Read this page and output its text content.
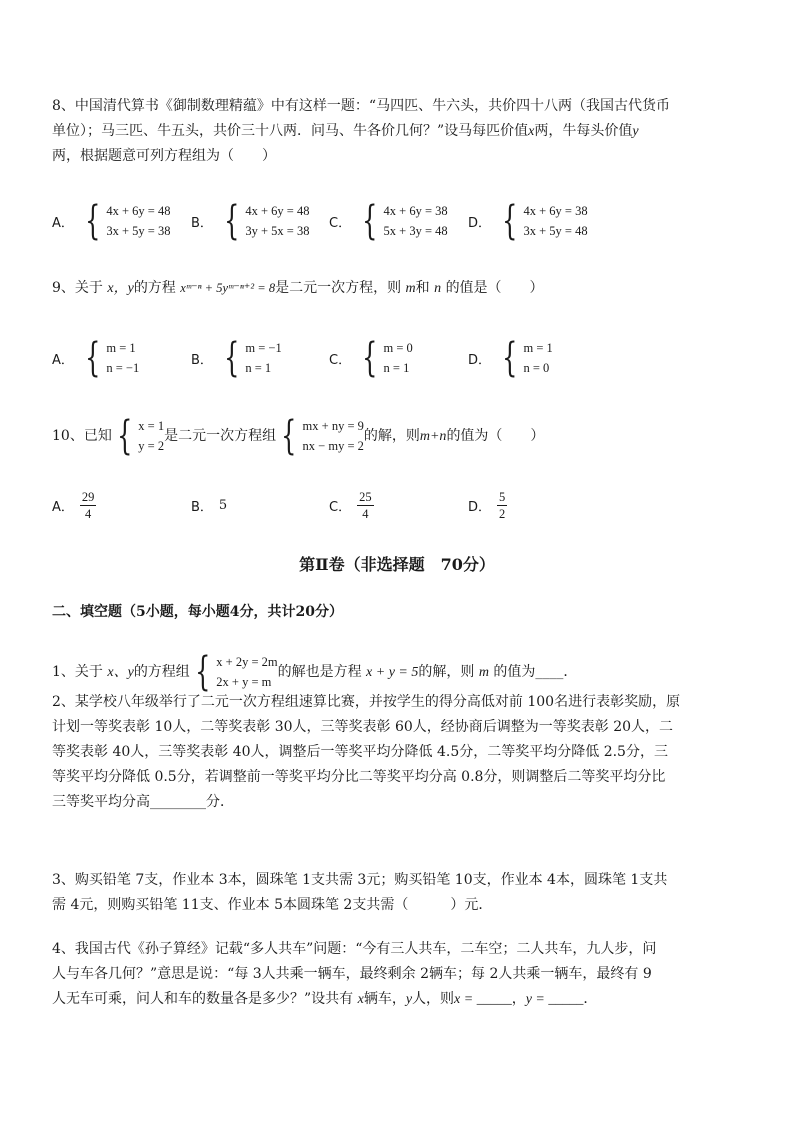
8、中国清代算书《御制数理精蕴》中有这样一题：“马四匹、牛六头，共价四十八两（我国古代货币
单位）；马三匹、牛五头，共价三十八两．问马、牛各价几何？”设马每匹价值x两，牛每头价值y
两，根据题意可列方程组为（　　）
A． { 4x + 6y = 48
3x + 5y = 38
B． { 4x + 6y = 48
3y + 5x = 38
C． { 4x + 6y = 38
5x + 3y = 48
D． { 4x + 6y = 38
3x + 5y = 48
9、关于 x，y的方程 xᵐ⁻ⁿ + 5yᵐ⁻ⁿ⁺² = 8是二元一次方程，则 m和 n 的值是（　　）
A． { m = 1
n = −1
B． { m = −1
n = 1
C． { m = 0
n = 1
D． { m = 1
n = 0
10、已知 { x = 1
y = 2
是二元一次方程组 { mx + ny = 9
nx − my = 2
的解，则 m+n 的值为（　　）
A． $\frac{29}{4}$	B． 5	C． $\frac{25}{4}$	D． $\frac{5}{2}$
第Ⅱ卷（非选择题　70分）
二、填空题（5小题，每小题4分，共计20分）
1、关于
x、y 的方程组 { x + 2y = 2m
2x + y = m
的解也是方程
x + y = 5 的解，则
m
的值为____．
2、某学校八年级举行了二元一次方程组速算比赛，并按学生的得分高低对前 100名进行表彰奖励，原
计划一等奖表彰 10人，二等奖表彰 30人，三等奖表彰 60人，经协商后调整为一等奖表彰 20人，二
等奖表彰 40人，三等奖表彰 40人，调整后一等奖平均分降低 4.5分，二等奖平均分降低 2.5分，三
等奖平均分降低 0.5分，若调整前一等奖平均分比二等奖平均分高 0.8分，则调整后二等奖平均分比
三等奖平均分高________分．
3、购买铅笔 7支，作业本 3本，圆珠笔 1支共需 3元；购买铅笔 10支，作业本 4本，圆珠笔 1支共
需 4元，则购买铅笔 11支、作业本 5本圆珠笔 2支共需（　　　）元．
4、我国古代《孙子算经》记载“多人共车”问题：“今有三人共车，二车空；二人共车，九人步，问
人与车各几何？”意思是说：“每 3人共乘一辆车，最终剩余 2辆车；每 2人共乘一辆车，最终有 9
人无车可乘，问人和车的数量各是多少？”设共有 x辆车，y人，则x = _____，y = _____．
